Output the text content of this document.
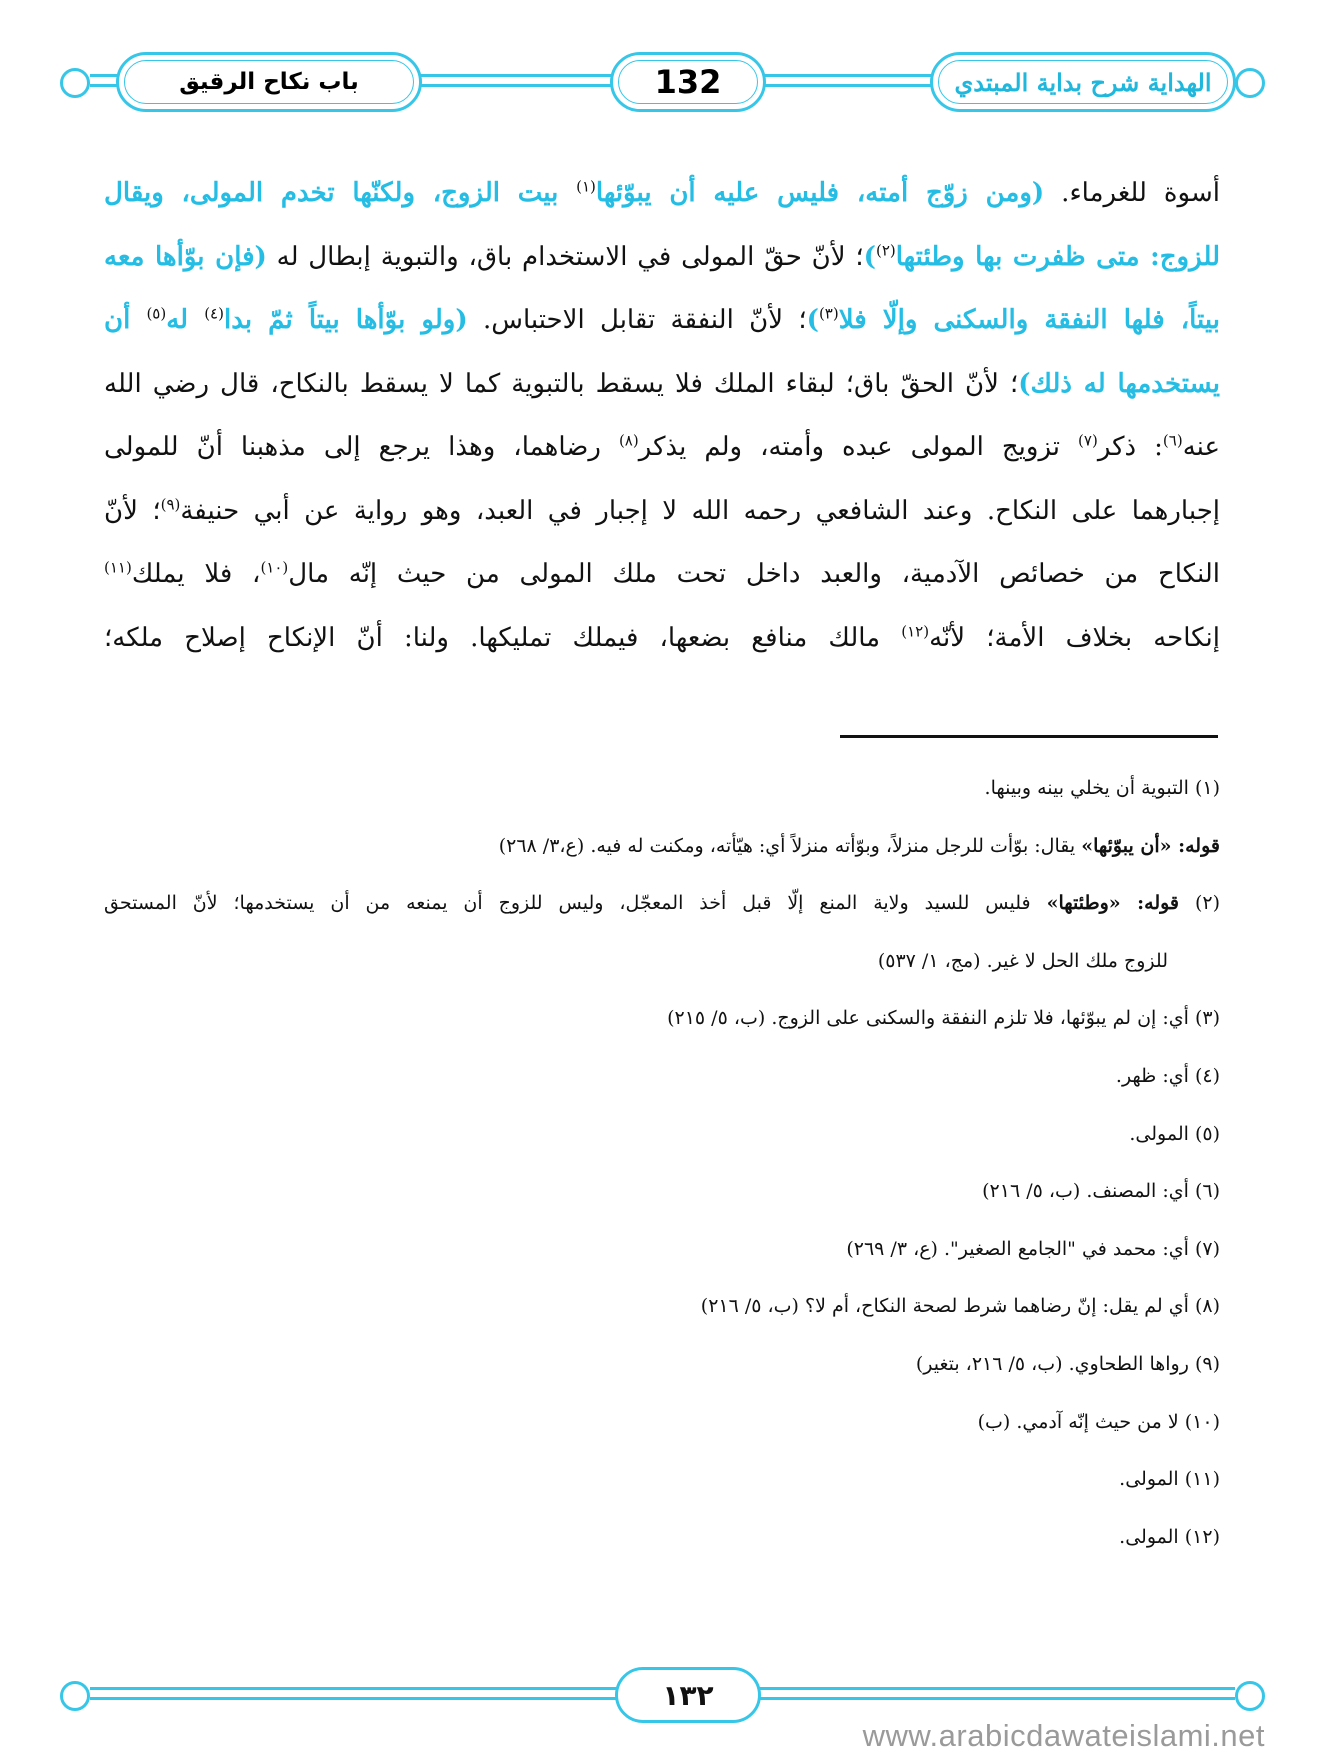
باب نكاح الرقيق	132	الهداية شرح بداية المبتدي
أسوة للغرماء. (ومن زوّج أمته، فليس عليه أن يبوّئها$^{(١)}$ بيت الزوج، ولكنّها تخدم المولى، ويقال
للزوج: متى ظفرت بها وطئتها$^{(٢)}$)؛ لأنّ حقّ المولى في الاستخدام باق، والتبوية إبطال له (فإن بوّأها معه
بيتاً، فلها النفقة والسكنى وإلّا فلا$^{(٣)}$)؛ لأنّ النفقة تقابل الاحتباس. (ولو بوّأها بيتاً ثمّ بدا$^{(٤)}$ له$^{(٥)}$ أن
يستخدمها له ذلك)؛ لأنّ الحقّ باق؛ لبقاء الملك فلا يسقط بالتبوية كما لا يسقط بالنكاح، قال رضي الله
عنه$^{(٦)}$: ذكر$^{(٧)}$ تزويج المولى عبده وأمته، ولم يذكر$^{(٨)}$ رضاهما، وهذا يرجع إلى مذهبنا أنّ للمولى
إجبارهما على النكاح. وعند الشافعي رحمه الله لا إجبار في العبد، وهو رواية عن أبي حنيفة$^{(٩)}$؛ لأنّ
النكاح من خصائص الآدمية، والعبد داخل تحت ملك المولى من حيث إنّه مال$^{(١٠)}$، فلا يملك$^{(١١)}$
إنكاحه بخلاف الأمة؛ لأنّه$^{(١٢)}$ مالك منافع بضعها، فيملك تمليكها. ولنا: أنّ الإنكاح إصلاح ملكه؛
(١) التبوية أن يخلي بينه وبينها.
قوله: «أن يبوّئها» يقال: بوّأت للرجل منزلاً، وبوّأته منزلاً أي: هيّأته، ومكنت له فيه. (ع،٣/ ٢٦٨)
(٢) قوله: «وطئتها» فليس للسيد ولاية المنع إلّا قبل أخذ المعجّل، وليس للزوج أن يمنعه من أن يستخدمها؛ لأنّ المستحق
للزوج ملك الحل لا غير. (مج، ١/ ٥٣٧)
(٣) أي: إن لم يبوّئها، فلا تلزم النفقة والسكنى على الزوج. (ب، ٥/ ٢١٥)
(٤) أي: ظهر.
(٥) المولى.
(٦) أي: المصنف. (ب، ٥/ ٢١٦)
(٧) أي: محمد في "الجامع الصغير". (ع، ٣/ ٢٦٩)
(٨) أي لم يقل: إنّ رضاهما شرط لصحة النكاح، أم لا؟ (ب، ٥/ ٢١٦)
(٩) رواها الطحاوي. (ب، ٥/ ٢١٦، بتغير)
(١٠) لا من حيث إنّه آدمي. (ب)
(١١) المولى.
(١٢) المولى.
١٣٢
www.arabicdawateislami.net
